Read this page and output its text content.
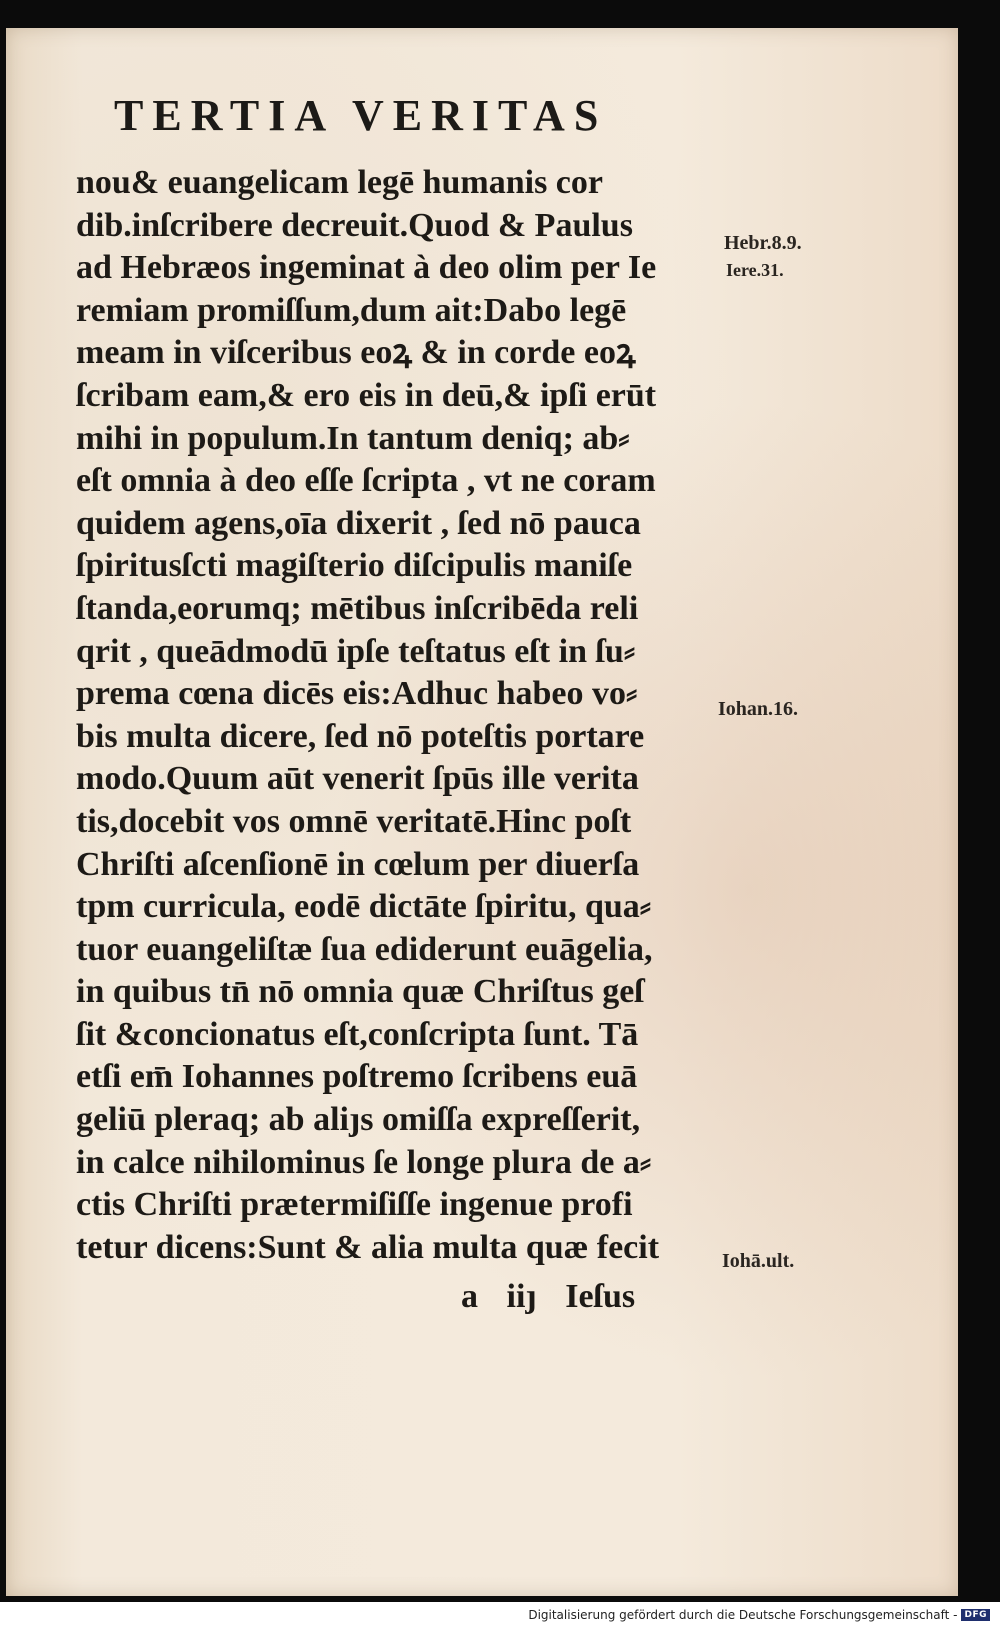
TERTIA VERITAS
nou& euangelicam legē humanis cor
dib.inſcribere decreuit.Quod & Paulus
ad Hebræos ingeminat à deo olim per Ie
remiam promiſſum,dum ait:Dabo legē
meam in viſceribus eoꝝ & in corde eoꝝ
ſcribam eam,& ero eis in deū,& ipſi erūt
mihi in populum.In tantum deniq; ab⸗
eſt omnia à deo eſſe ſcripta , vt ne coram
quidem agens,oīa dixerit , ſed nō pauca
ſpiritusſcti magiſterio diſcipulis maniſe
ſtanda,eorumq; mētibus inſcribēda reli
qrit , queādmodū ipſe teſtatus eſt in ſu⸗
prema cœna dicēs eis:Adhuc habeo vo⸗
bis multa dicere, ſed nō poteſtis portare
modo.Quum aūt venerit ſpūs ille verita
tis,docebit vos omnē veritatē.Hinc poſt
Chriſti aſcenſionē in cœlum per diuerſa
tpm curricula, eodē dictāte ſpiritu, qua⸗
tuor euangeliſtæ ſua ediderunt euāgelia,
in quibus tn̄ nō omnia quæ Chriſtus geſ
ſit &concionatus eſt,conſcripta ſunt. Tā
etſi em̄ Iohannes poſtremo ſcribens euā
geliū pleraq; ab aliȷs omiſſa expreſſerit,
in calce nihilominus ſe longe plura de a⸗
ctis Chriſti prætermiſiſſe ingenue profi
tetur dicens:Sunt & alia multa quæ fecit
a iiȷ Ieſus
Hebr.8.9.
Iere.31.
Iohan.16.
Iohā.ult.
Digitalisierung gefördert durch die Deutsche Forschungsgemeinschaft - DFG
